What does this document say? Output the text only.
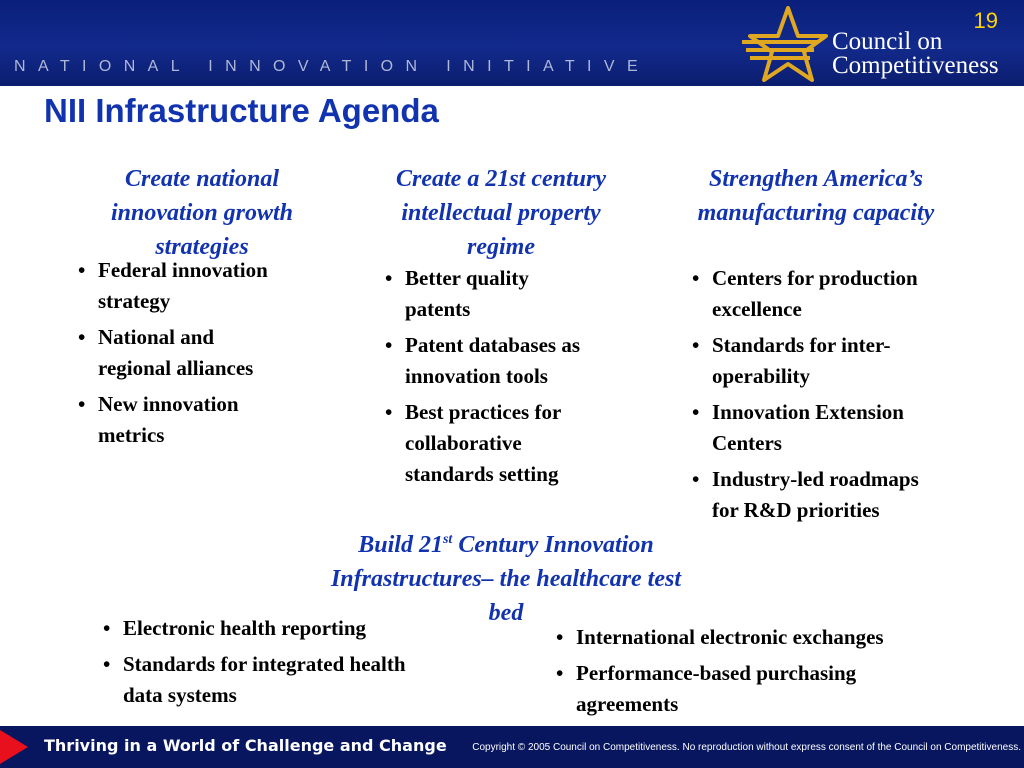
NATIONAL INNOVATION INITIATIVE
19
Council on
Competitiveness
NII Infrastructure Agenda
Create national
innovation growth
strategies
• Federal innovation
strategy
• National and
regional alliances
• New innovation
metrics
Create a 21st century
intellectual property
regime
• Better quality
patents
• Patent databases as
innovation tools
• Best practices for
collaborative
standards setting
Strengthen America’s
manufacturing capacity
• Centers for production
excellence
• Standards for inter-
operability
• Innovation Extension
Centers
• Industry-led roadmaps
for R&D priorities
Build 21st Century Innovation
Infrastructures– the healthcare test
bed
• Electronic health reporting
• Standards for integrated health
data systems
• International electronic exchanges
• Performance-based purchasing
agreements
Thriving in a World of Challenge and Change	Copyright © 2005 Council on Competitiveness. No reproduction without express consent of the Council on Competitiveness.
